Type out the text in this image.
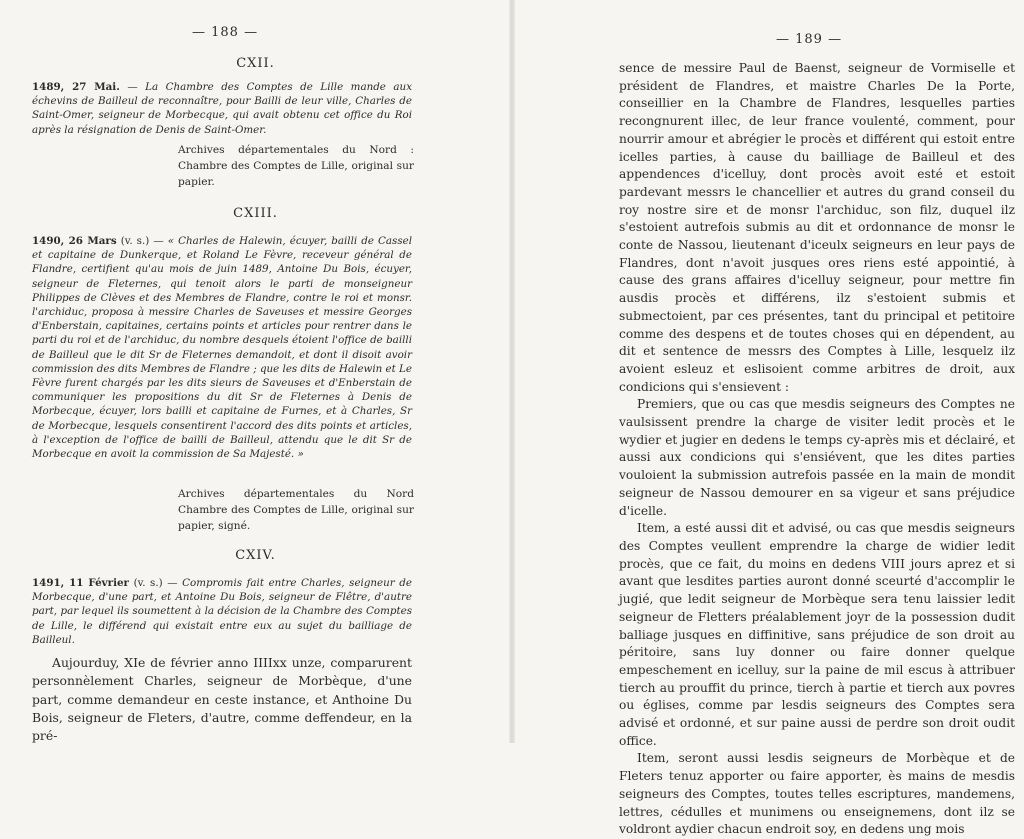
— 188 —
CXII.
1489, 27 Mai. — La Chambre des Comptes de Lille mande aux échevins de Bailleul de reconnaître, pour Bailli de leur ville, Charles de Saint-Omer, seigneur de Morbecque, qui avait obtenu cet office du Roi après la résignation de Denis de Saint-Omer.
Archives départementales du Nord : Chambre des Comptes de Lille, original sur papier.
CXIII.
1490, 26 Mars (v. s.) — « Charles de Halewin, écuyer, bailli de Cassel et capitaine de Dunkerque, et Roland Le Fèvre, receveur général de Flandre, certifient qu'au mois de juin 1489, Antoine Du Bois, écuyer, seigneur de Fleternes, qui tenoit alors le parti de monseigneur Philippes de Clèves et des Membres de Flandre, contre le roi et monsr. l'archiduc, proposa à messire Charles de Saveuses et messire Georges d'Enberstain, capitaines, certains points et articles pour rentrer dans le parti du roi et de l'archiduc, du nombre desquels étoient l'office de bailli de Bailleul que le dit Sr de Fleternes demandoit, et dont il disoit avoir commission des dits Membres de Flandre ; que les dits de Halewin et Le Fèvre furent chargés par les dits sieurs de Saveuses et d'Enberstain de communiquer les propositions du dit Sr de Fleternes à Denis de Morbecque, écuyer, lors bailli et capitaine de Furnes, et à Charles, Sr de Morbecque, lesquels consentirent l'accord des dits points et articles, à l'exception de l'office de bailli de Bailleul, attendu que le dit Sr de Morbecque en avoit la commission de Sa Majesté. »
Archives départementales du Nord Chambre des Comptes de Lille, original sur papier, signé.
CXIV.
1491, 11 Février (v. s.) — Compromis fait entre Charles, seigneur de Morbecque, d'une part, et Antoine Du Bois, seigneur de Flêtre, d'autre part, par lequel ils soumettent à la décision de la Chambre des Comptes de Lille, le différend qui existait entre eux au sujet du bailliage de Bailleul.

Aujourduy, XIe de février anno IIIIxx unze, comparurent personnèlement Charles, seigneur de Morbèque, d'une part, comme demandeur en ceste instance, et Anthoine Du Bois, seigneur de Fleters, d'autre, comme deffendeur, en la pré-

— 189 —

sence de messire Paul de Baenst, seigneur de Vormiselle et président de Flandres, et maistre Charles De la Porte, conseillier en la Chambre de Flandres, lesquelles parties recongnurent illec, de leur france voulenté, comment, pour nourrir amour et abrégier le procès et différent qui estoit entre icelles parties, à cause du bailliage de Bailleul et des appendences d'icelluy, dont procès avoit esté et estoit pardevant messrs le chancellier et autres du grand conseil du roy nostre sire et de monsr l'archiduc, son filz, duquel ilz s'estoient autrefois submis au dit et ordonnance de monsr le conte de Nassou, lieutenant d'iceulx seigneurs en leur pays de Flandres, dont n'avoit jusques ores riens esté appointié, à cause des grans affaires d'icelluy seigneur, pour mettre fin ausdis procès et différens, ilz s'estoient submis et submectoient, par ces présentes, tant du principal et petitoire comme des despens et de toutes choses qui en dépendent, au dit et sentence de messrs des Comptes à Lille, lesquelz ilz avoient esleuz et eslisoient comme arbitres de droit, aux condicions qui s'ensievent :

Premiers, que ou cas que mesdis seigneurs des Comptes ne vaulsissent prendre la charge de visiter ledit procès et le wydier et jugier en dedens le temps cy-après mis et déclairé, et aussi aux condicions qui s'ensiévent, que les dites parties vouloient la submission autrefois passée en la main de mondit seigneur de Nassou demourer en sa vigeur et sans préjudice d'icelle.

Item, a esté aussi dit et advisé, ou cas que mesdis seigneurs des Comptes veullent emprendre la charge de widier ledit procès, que ce fait, du moins en dedens VIII jours aprez et si avant que lesdites parties auront donné sceurté d'accomplir le jugié, que ledit seigneur de Morbèque sera tenu laissier ledit seigneur de Fletters préalablement joyr de la possession dudit balliage jusques en diffinitive, sans préjudice de son droit au péritoire, sans luy donner ou faire donner quelque empeschement en icelluy, sur la paine de mil escus à attribuer tierch au prouffit du prince, tierch à partie et tierch aux povres ou églises, comme par lesdis seigneurs des Comptes sera advisé et ordonné, et sur paine aussi de perdre son droit oudit office.

Item, seront aussi lesdis seigneurs de Morbèque et de Fleters tenuz apporter ou faire apporter, ès mains de mesdis seigneurs des Comptes, toutes telles escriptures, mandemens, lettres, cédulles et munimens ou enseignemens, dont ilz se voldront aydier chacun endroit soy, en dedens ung mois
